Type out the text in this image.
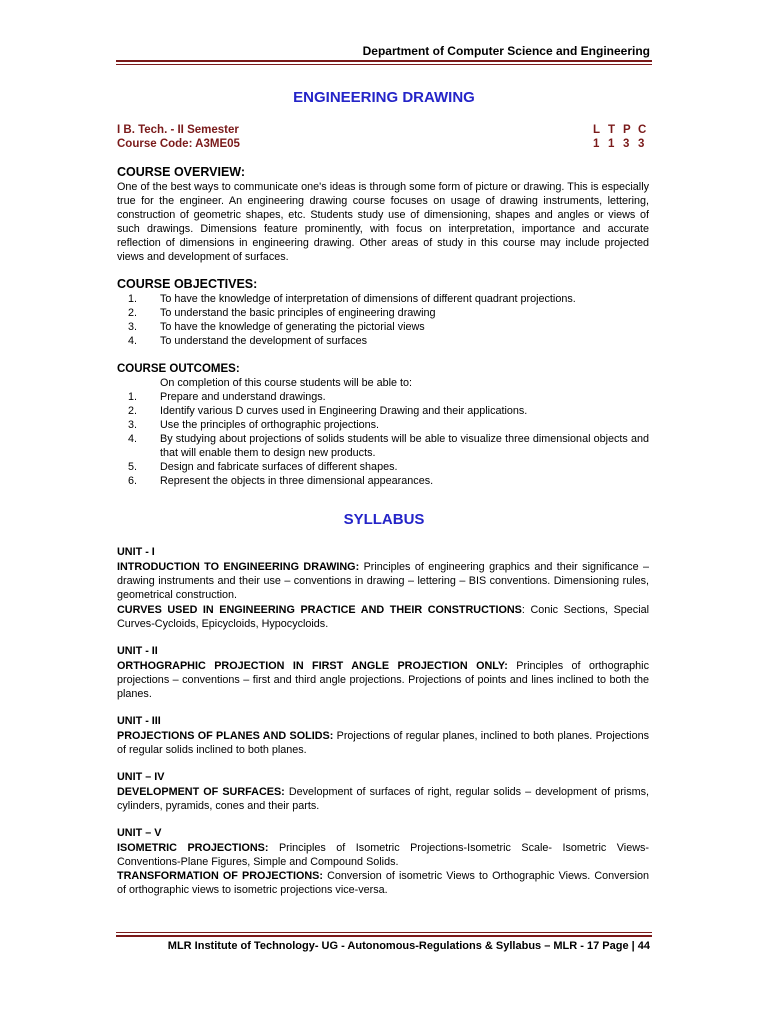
Department of Computer Science and Engineering
ENGINEERING DRAWING
I B. Tech. - II Semester
Course Code: A3ME05
L T P C
1 1 3 3
COURSE OVERVIEW:
One of the best ways to communicate one's ideas is through some form of picture or drawing. This is especially true for the engineer. An engineering drawing course focuses on usage of drawing instruments, lettering, construction of geometric shapes, etc. Students study use of dimensioning, shapes and angles or views of such drawings. Dimensions feature prominently, with focus on interpretation, importance and accurate reflection of dimensions in engineering drawing. Other areas of study in this course may include projected views and development of surfaces.
COURSE OBJECTIVES:
1.	To have the knowledge of interpretation of dimensions of different quadrant projections.
2.	To understand the basic principles of engineering drawing
3.	To have the knowledge of generating the pictorial views
4.	To understand the development of surfaces
COURSE OUTCOMES:
On completion of this course students will be able to:
1.	Prepare and understand drawings.
2.	Identify various D curves used in Engineering Drawing and their applications.
3.	Use the principles of orthographic projections.
4.	By studying about projections of solids students will be able to visualize three dimensional objects and that will enable them to design new products.
5.	Design and fabricate surfaces of different shapes.
6.	Represent the objects in three dimensional appearances.
SYLLABUS
UNIT - I
INTRODUCTION TO ENGINEERING DRAWING: Principles of engineering graphics and their significance – drawing instruments and their use – conventions in drawing – lettering – BIS conventions. Dimensioning rules, geometrical construction.
CURVES USED IN ENGINEERING PRACTICE AND THEIR CONSTRUCTIONS: Conic Sections, Special Curves-Cycloids, Epicycloids, Hypocycloids.
UNIT - II
ORTHOGRAPHIC PROJECTION IN FIRST ANGLE PROJECTION ONLY: Principles of orthographic projections – conventions – first and third angle projections. Projections of points and lines inclined to both the planes.
UNIT - III
PROJECTIONS OF PLANES AND SOLIDS: Projections of regular planes, inclined to both planes. Projections of regular solids inclined to both planes.
UNIT – IV
DEVELOPMENT OF SURFACES: Development of surfaces of right, regular solids – development of prisms, cylinders, pyramids, cones and their parts.
UNIT – V
ISOMETRIC PROJECTIONS: Principles of Isometric Projections-Isometric Scale- Isometric Views-Conventions-Plane Figures, Simple and Compound Solids.
TRANSFORMATION OF PROJECTIONS: Conversion of isometric Views to Orthographic Views. Conversion of orthographic views to isometric projections vice-versa.
MLR Institute of Technology- UG - Autonomous-Regulations & Syllabus – MLR - 17 Page | 44
